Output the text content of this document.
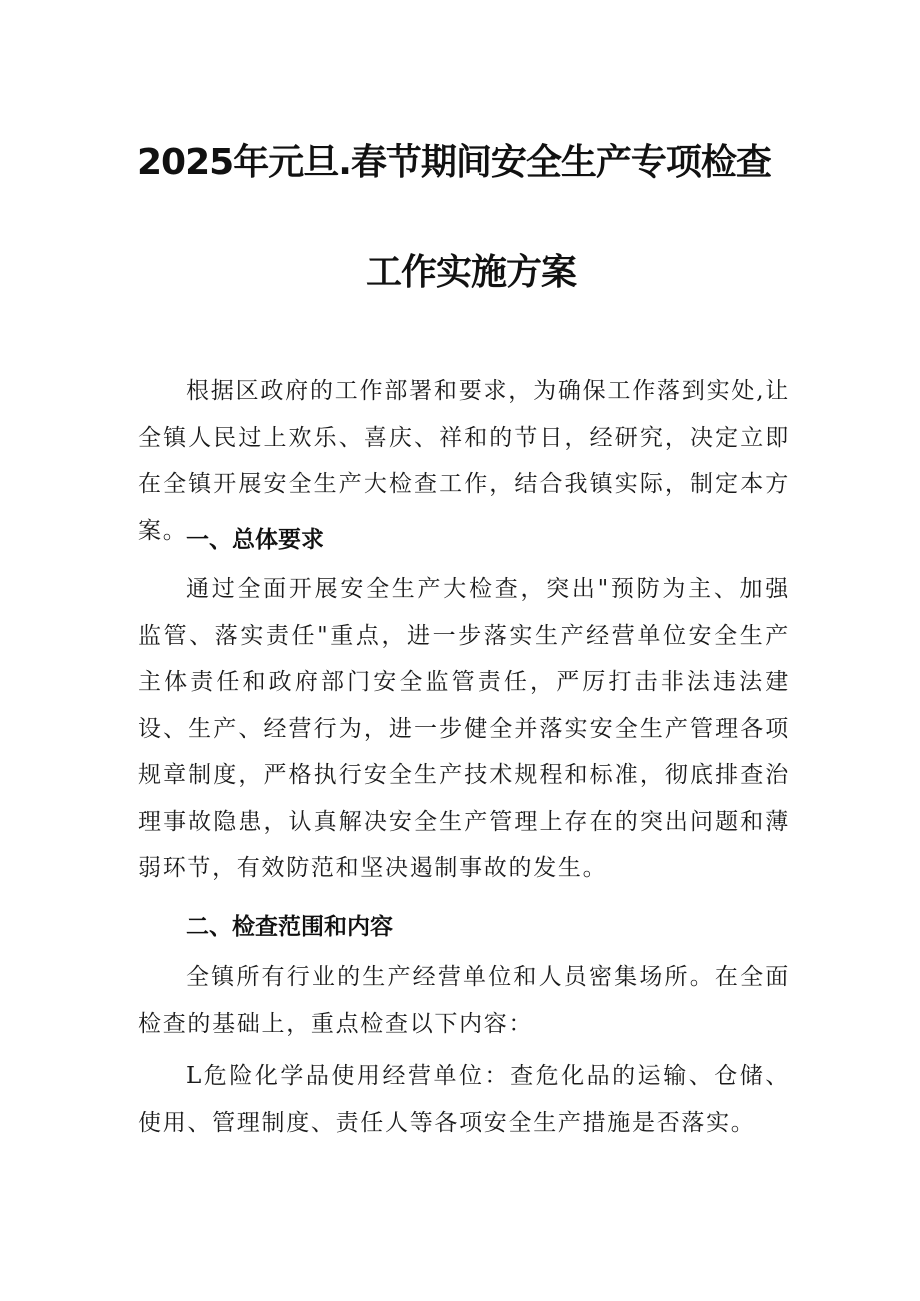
2025年元旦.春节期间安全生产专项检查
工作实施方案

根据区政府的工作部署和要求，为确保工作落到实处,让全镇人民过上欢乐、喜庆、祥和的节日，经研究，决定立即在全镇开展安全生产大检查工作，结合我镇实际，制定本方案。

一、总体要求

通过全面开展安全生产大检查，突出"预防为主、加强监管、落实责任"重点，进一步落实生产经营单位安全生产主体责任和政府部门安全监管责任，严厉打击非法违法建设、生产、经营行为，进一步健全并落实安全生产管理各项规章制度，严格执行安全生产技术规程和标准，彻底排查治理事故隐患，认真解决安全生产管理上存在的突出问题和薄弱环节，有效防范和坚决遏制事故的发生。

二、检查范围和内容

全镇所有行业的生产经营单位和人员密集场所。在全面检查的基础上，重点检查以下内容：

L危险化学品使用经营单位：查危化品的运输、仓储、使用、管理制度、责任人等各项安全生产措施是否落实。
